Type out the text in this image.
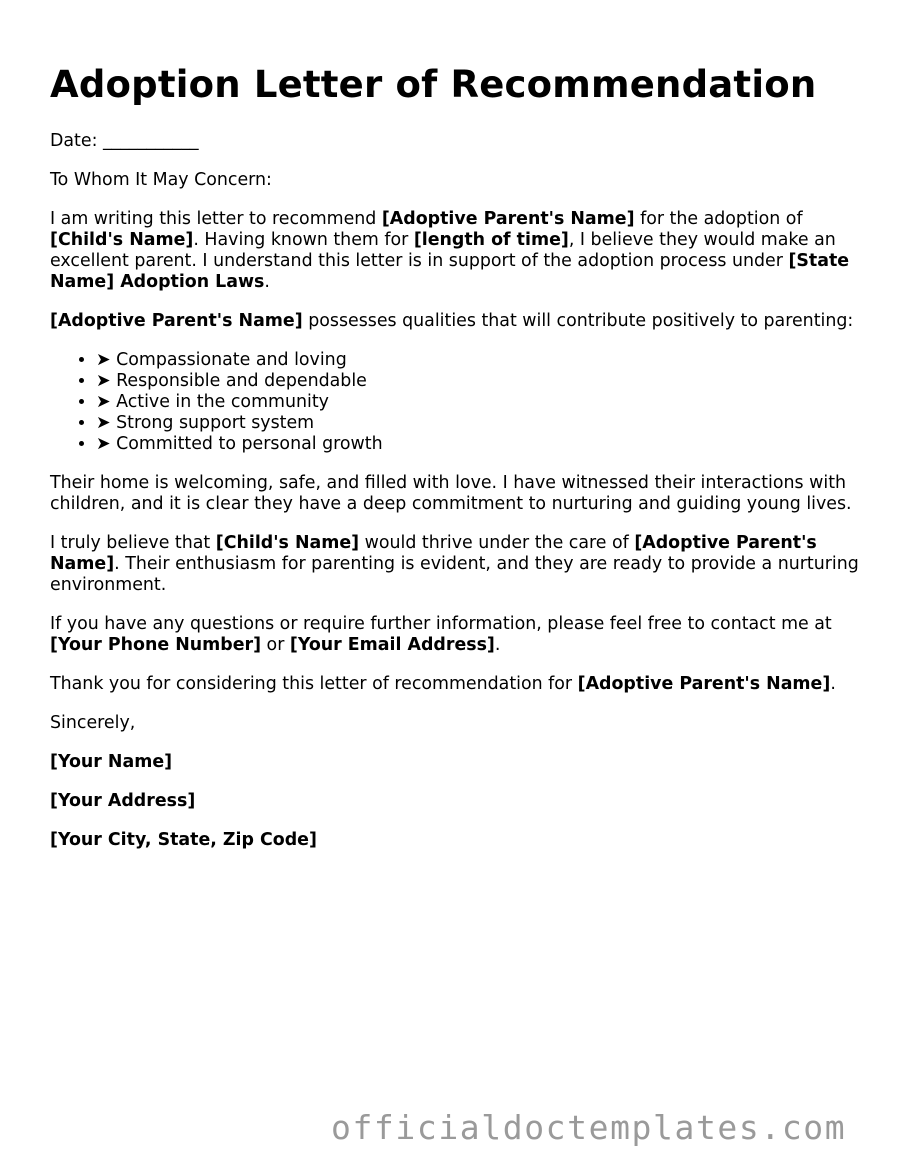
Adoption Letter of Recommendation

Date: ___________

To Whom It May Concern:

I am writing this letter to recommend [Adoptive Parent's Name] for the adoption of [Child's Name]. Having known them for [length of time], I believe they would make an excellent parent. I understand this letter is in support of the adoption process under [State Name] Adoption Laws.

[Adoptive Parent's Name] possesses qualities that will contribute positively to parenting:

• ➤ Compassionate and loving
• ➤ Responsible and dependable
• ➤ Active in the community
• ➤ Strong support system
• ➤ Committed to personal growth

Their home is welcoming, safe, and filled with love. I have witnessed their interactions with children, and it is clear they have a deep commitment to nurturing and guiding young lives.

I truly believe that [Child's Name] would thrive under the care of [Adoptive Parent's Name]. Their enthusiasm for parenting is evident, and they are ready to provide a nurturing environment.

If you have any questions or require further information, please feel free to contact me at [Your Phone Number] or [Your Email Address].

Thank you for considering this letter of recommendation for [Adoptive Parent's Name].

Sincerely,

[Your Name]

[Your Address]

[Your City, State, Zip Code]

officialdoctemplates.com
